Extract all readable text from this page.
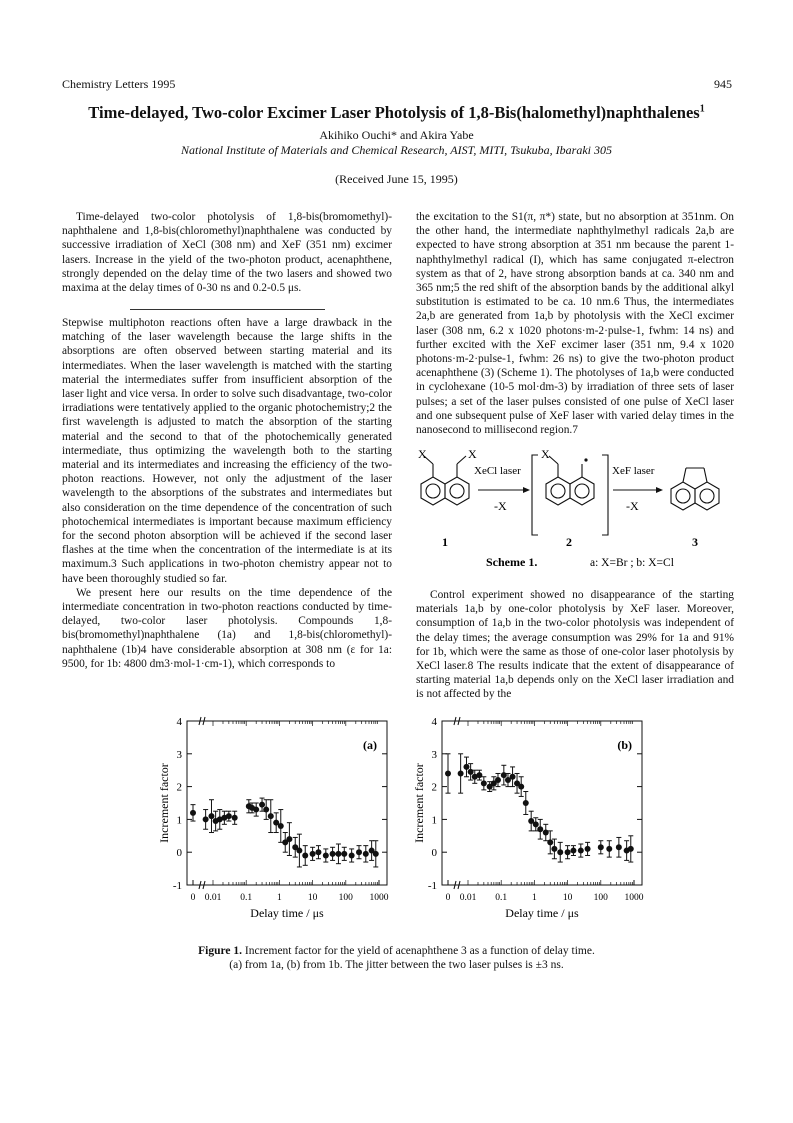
Chemistry Letters 1995	945
Time-delayed, Two-color Excimer Laser Photolysis of 1,8-Bis(halomethyl)naphthalenes$^1$
Akihiko Ouchi* and Akira Yabe
National Institute of Materials and Chemical Research, AIST, MITI, Tsukuba, Ibaraki 305
(Received June 15, 1995)

Time-delayed two-color photolysis of 1,8-bis(bromomethyl)-naphthalene and 1,8-bis(chloromethyl)naphthalene was conducted by successive irradiation of XeCl (308 nm) and XeF (351 nm) excimer lasers. Increase in the yield of the two-photon product, acenaphthene, strongly depended on the delay time of the two lasers and showed two maxima at the delay times of 0-30 ns and 0.2-0.5 μs.

Stepwise multiphoton reactions often have a large drawback in the matching of the laser wavelength because the large shifts in the absorptions are often observed between starting material and its intermediates. When the laser wavelength is matched with the starting material the intermediates suffer from insufficient absorption of the laser light and vice versa. In order to solve such disadvantage, two-color irradiations were tentatively applied to the organic photochemistry;2 the first wavelength is adjusted to match the absorption of the starting material and the second to that of the photochemically generated intermediate, thus optimizing the wavelength both to the starting material and its intermediates and increasing the efficiency of the two-photon reactions. However, not only the adjustment of the laser wavelength to the absorptions of the substrates and intermediates but also consideration on the time dependence of the concentration of such photochemical intermediates is important because maximum efficiency for the second photon absorption will be achieved if the second laser flashes at the time when the concentration of the intermediate is at its maximum.3 Such applications in two-photon chemistry appear not to have been thoroughly studied so far.

We present here our results on the time dependence of the intermediate concentration in two-photon reactions conducted by time-delayed, two-color laser photolysis. Compounds 1,8-bis(bromomethyl)naphthalene (1a) and 1,8-bis(chloromethyl)-naphthalene (1b)4 have considerable absorption at 308 nm (ε for 1a: 9500, for 1b: 4800 dm3·mol-1·cm-1), which corresponds to

the excitation to the S1(π, π*) state, but no absorption at 351nm. On the other hand, the intermediate naphthylmethyl radicals 2a,b are expected to have strong absorption at 351 nm because the parent 1-naphthylmethyl radical (I), which has same conjugated π-electron system as that of 2, have strong absorption bands at ca. 340 nm and 365 nm;5 the red shift of the absorption bands by the additional alkyl substitution is estimated to be ca. 10 nm.6 Thus, the intermediates 2a,b are generated from 1a,b by photolysis with the XeCl excimer laser (308 nm, 6.2 x 1020 photons·m-2·pulse-1, fwhm: 14 ns) and further excited with the XeF excimer laser (351 nm, 9.4 x 1020 photons·m-2·pulse-1, fwhm: 26 ns) to give the two-photon product acenaphthene (3) (Scheme 1). The photolyses of 1a,b were conducted in cyclohexane (10-5 mol·dm-3) by irradiation of three sets of laser pulses; a set of the laser pulses consisted of one pulse of XeCl laser and one subsequent pulse of XeF laser with varied delay times in the nanosecond to millisecond region.7

X	X
1
XeCl laser
-X
X
2
XeF laser
-X
3
Scheme 1.	a: X=Br ; b: X=Cl

Control experiment showed no disappearance of the starting materials 1a,b by one-color photolysis by XeF laser. Moreover, consumption of 1a,b in the two-color photolysis was independent of the delay times; the average consumption was 29% for 1a and 91% for 1b, which were the same as those of one-color laser photolysis by XeCl laser.8 The results indicate that the extent of disappearance of starting material 1a,b depends only on the XeCl laser irradiation and is not affected by the

-1
0
1
2
3
4
0 0.01 0.1	1	10 100 1000
Delay time / μs
Increment factor
(a)
-1
0
1
2
3
4
0 0.01 0.1	1	10 100 1000
Delay time / μs
Increment factor
(b)
Figure 1. Increment factor for the yield of acenaphthene 3 as a function of delay time.
(a) from 1a, (b) from 1b. The jitter between the two laser pulses is ±3 ns.
